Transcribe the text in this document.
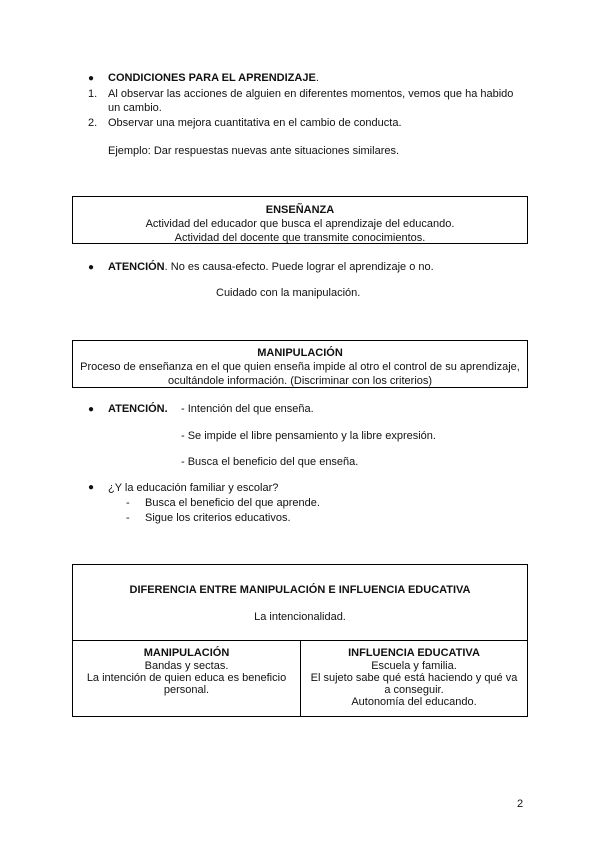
● CONDICIONES PARA EL APRENDIZAJE.
1. Al observar las acciones de alguien en diferentes momentos, vemos que ha habido
un cambio.
2. Observar una mejora cuantitativa en el cambio de conducta.
Ejemplo: Dar respuestas nuevas ante situaciones similares.
ENSEÑANZA
Actividad del educador que busca el aprendizaje del educando.
Actividad del docente que transmite conocimientos.
● ATENCIÓN. No es causa-efecto. Puede lograr el aprendizaje o no.
Cuidado con la manipulación.
MANIPULACIÓN
Proceso de enseñanza en el que quien enseña impide al otro el control de su aprendizaje,
ocultándole información. (Discriminar con los criterios)
● ATENCIÓN. - Intención del que enseña.
- Se impide el libre pensamiento y la libre expresión.
- Busca el beneficio del que enseña.
● ¿Y la educación familiar y escolar?
- Busca el beneficio del que aprende.
- Sigue los criterios educativos.
DIFERENCIA ENTRE MANIPULACIÓN E INFLUENCIA EDUCATIVA
La intencionalidad.
MANIPULACIÓN
Bandas y sectas.
La intención de quien educa es beneficio
personal.
INFLUENCIA EDUCATIVA
Escuela y familia.
El sujeto sabe qué está haciendo y qué va
a conseguir.
Autonomía del educando.
2
